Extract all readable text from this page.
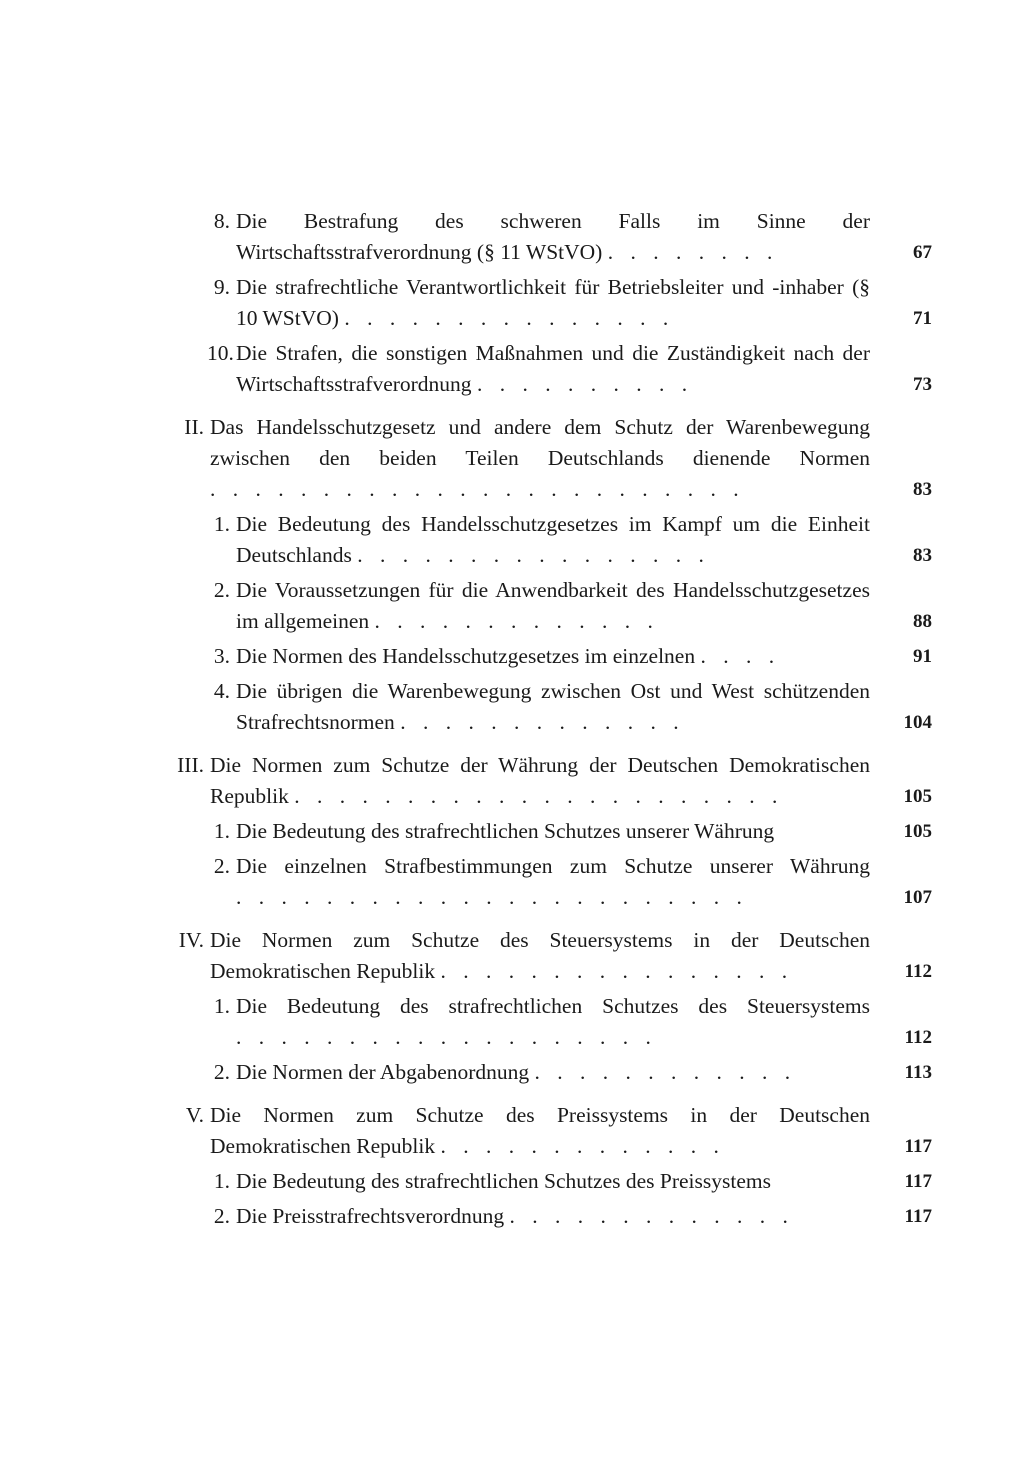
8. Die Bestrafung des schweren Falls im Sinne der Wirtschaftsstrafverordnung (§ 11 WStVO) . . . . . . . .	67
9. Die strafrechtliche Verantwortlichkeit für Betriebsleiter und -inhaber (§ 10 WStVO) . . . . . . . . . . . . . . .	71
10.Die Strafen, die sonstigen Maßnahmen und die Zuständigkeit nach der Wirtschaftsstrafverordnung . . . . . . . . . .	73
II. Das Handelsschutzgesetz und andere dem Schutz der Warenbewegung zwischen den beiden Teilen Deutschlands dienende Normen . . . . . . . . . . . . . . . . . . . . . . . .	83
1. Die Bedeutung des Handelsschutzgesetzes im Kampf um die Einheit Deutschlands . . . . . . . . . . . . . . . .	83
2. Die Voraussetzungen für die Anwendbarkeit des Handelsschutzgesetzes im allgemeinen . . . . . . . . . . . . .	88
3. Die Normen des Handelsschutzgesetzes im einzelnen . . . .	91
4. Die übrigen die Warenbewegung zwischen Ost und West schützenden Strafrechtsnormen . . . . . . . . . . . . .	104
III. Die Normen zum Schutze der Währung der Deutschen Demokratischen Republik . . . . . . . . . . . . . . . . . . . . . .	105
1. Die Bedeutung des strafrechtlichen Schutzes unserer Währung	105
2. Die einzelnen Strafbestimmungen zum Schutze unserer Währung . . . . . . . . . . . . . . . . . . . . . . .	107
IV. Die Normen zum Schutze des Steuersystems in der Deutschen Demokratischen Republik . . . . . . . . . . . . . . . .	112
1. Die Bedeutung des strafrechtlichen Schutzes des Steuersystems . . . . . . . . . . . . . . . . . . .	112
2. Die Normen der Abgabenordnung . . . . . . . . . . . .	113
V. Die Normen zum Schutze des Preissystems in der Deutschen Demokratischen Republik . . . . . . . . . . . . .	117
1. Die Bedeutung des strafrechtlichen Schutzes des Preissystems	117
2. Die Preisstrafrechtsverordnung . . . . . . . . . . . . .	117
